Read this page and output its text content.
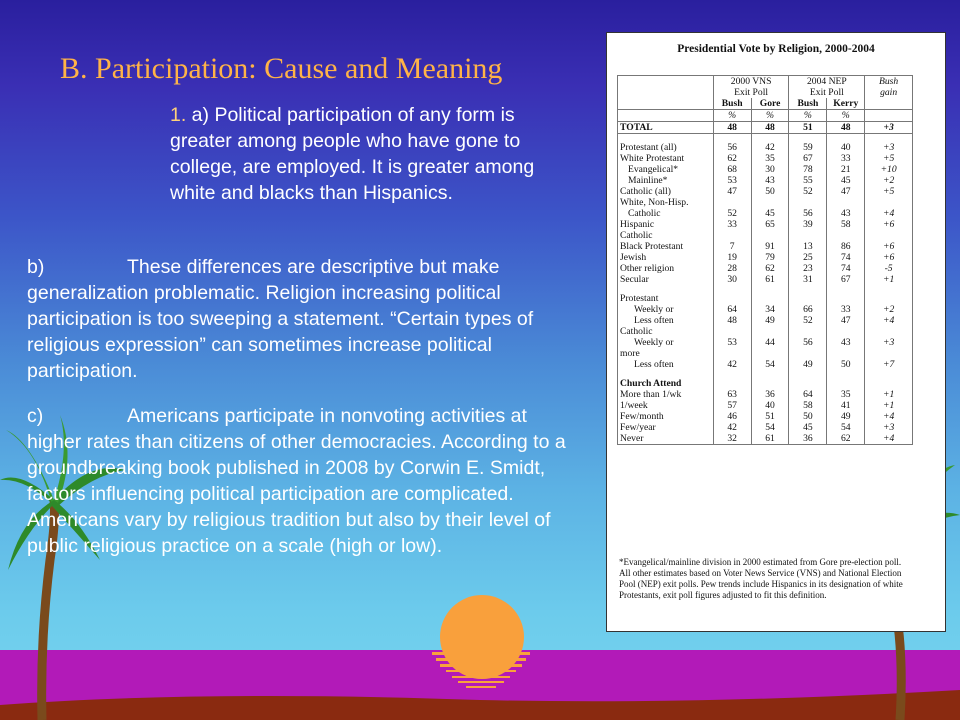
B. Participation: Cause and Meaning
1. a) Political participation of any form is greater among people who have gone to college, are employed. It is greater among white and blacks than Hispanics.
b)	These differences are descriptive but make generalization problematic. Religion increasing political participation is too sweeping a statement. “Certain types of religious expression” can sometimes increase political participation.
c)	Americans participate in nonvoting activities at higher rates than citizens of other democracies. According to a groundbreaking book published in 2008 by Corwin E. Smidt, factors influencing political participation are complicated. Americans vary by religious tradition but also by their level of public religious practice on a scale (high or low).
Presidential Vote by Religion, 2000-2004
	2000 VNS		2004 NEP		Bush
	Exit Poll		Exit Poll		gain
	Bush	Gore	Bush	Kerry	
	%	%	%	%	
TOTAL	48	48	51	48	+3

Protestant (all)	56	42	59	40	+3
White Protestant	62	35	67	33	+5
Evangelical*	68	30	78	21	+10
Mainline*	53	43	55	45	+2
Catholic (all)	47	50	52	47	+5
White, Non-Hisp.					
Catholic	52	45	56	43	+4
Hispanic	33	65	39	58	+6
Catholic					
Black Protestant	7	91	13	86	+6
Jewish	19	79	25	74	+6
Other religion	28	62	23	74	-5
Secular	30	61	31	67	+1

Protestant					
Weekly or	64	34	66	33	+2
Less often	48	49	52	47	+4
Catholic					
Weekly or	53	44	56	43	+3
more					
Less often	42	54	49	50	+7

Church Attend					
More than 1/wk	63	36	64	35	+1
1/week	57	40	58	41	+1
Few/month	46	51	50	49	+4
Few/year	42	54	45	54	+3
Never	32	61	36	62	+4
*Evangelical/mainline division in 2000 estimated from Gore pre-election poll. All other estimates based on Voter News Service (VNS) and National Election Pool (NEP) exit polls. Pew trends include Hispanics in its designation of white Protestants, exit poll figures adjusted to fit this definition.
